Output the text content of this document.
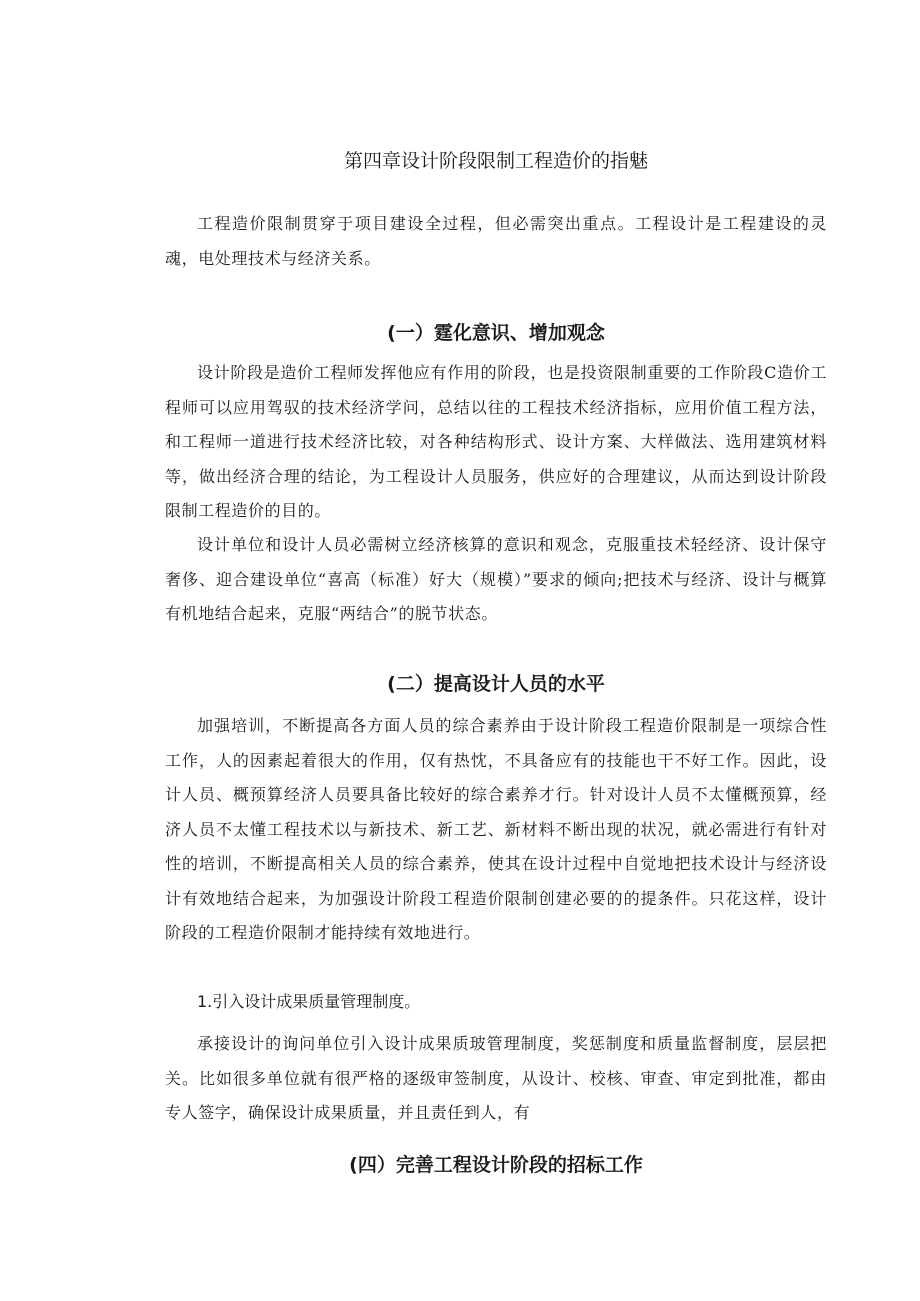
第四章设计阶段限制工程造价的指魅

工程造价限制贯穿于项目建设全过程，但必需突出重点。工程设计是工程建设的灵魂，电处理技术与经济关系。

(一）霆化意识、增加观念

设计阶段是造价工程师发挥他应有作用的阶段，也是投资限制重要的工作阶段C造价工程师可以应用驾驭的技术经济学问，总结以往的工程技术经济指标，应用价值工程方法，和工程师一道进行技术经济比较，对各种结构形式、设计方案、大样做法、选用建筑材料等，做出经济合理的结论，为工程设计人员服务，供应好的合理建议，从而达到设计阶段限制工程造价的目的。

设计单位和设计人员必需树立经济核算的意识和观念，克服重技术轻经济、设计保守奢侈、迎合建设单位“喜高（标准）好大（规模）”要求的倾向;把技术与经济、设计与概算有机地结合起来，克服“两结合”的脱节状态。

(二）提高设计人员的水平

加强培训，不断提高各方面人员的综合素养由于设计阶段工程造价限制是一项综合性工作，人的因素起着很大的作用，仅有热忱，不具备应有的技能也干不好工作。因此，设计人员、概预算经济人员要具备比较好的综合素养才行。针对设计人员不太懂概预算，经济人员不太懂工程技术以与新技术、新工艺、新材料不断出现的状况，就必需进行有针对性的培训，不断提高相关人员的综合素养，使其在设计过程中自觉地把技术设计与经济设计有效地结合起来，为加强设计阶段工程造价限制创建必要的的提条件。只花这样，设计阶段的工程造价限制才能持续有效地进行。

1.引入设计成果质量管理制度。

承接设计的询问单位引入设计成果质玻管理制度，奖惩制度和质量监督制度，层层把关。比如很多单位就有很严格的逐级审签制度，从设计、校核、审查、审定到批准，都由专人签字，确保设计成果质量，并且责任到人，有

(四）完善工程设计阶段的招标工作
